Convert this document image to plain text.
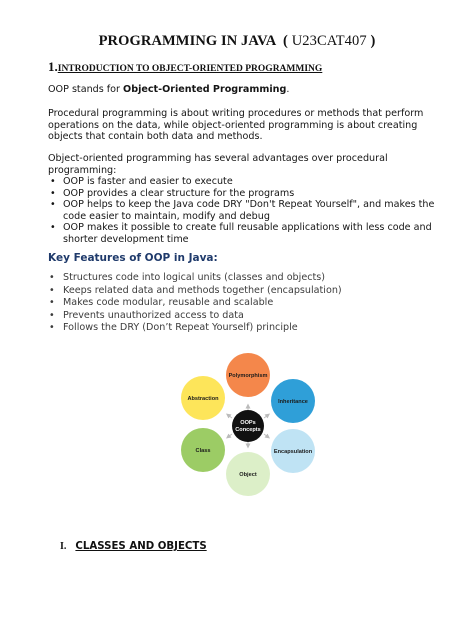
PROGRAMMING IN JAVA ( U23CAT407 )
1.INTRODUCTION TO OBJECT-ORIENTED PROGRAMMING
OOP stands for Object-Oriented Programming.
Procedural programming is about writing procedures or methods that perform operations on the data, while object-oriented programming is about creating objects that contain both data and methods.
Object-oriented programming has several advantages over procedural programming:
• OOP is faster and easier to execute
• OOP provides a clear structure for the programs
• OOP helps to keep the Java code DRY "Don't Repeat Yourself", and makes the code easier to maintain, modify and debug
• OOP makes it possible to create full reusable applications with less code and shorter development time
Key Features of OOP in Java:
• Structures code into logical units (classes and objects)
• Keeps related data and methods together (encapsulation)
• Makes code modular, reusable and scalable
• Prevents unauthorized access to data
• Follows the DRY (Don’t Repeat Yourself) principle
Polymorphism
Inheritance
Encapsulation
Object
Class
Abstraction
OOPs
Concepts
I. CLASSES AND OBJECTS
